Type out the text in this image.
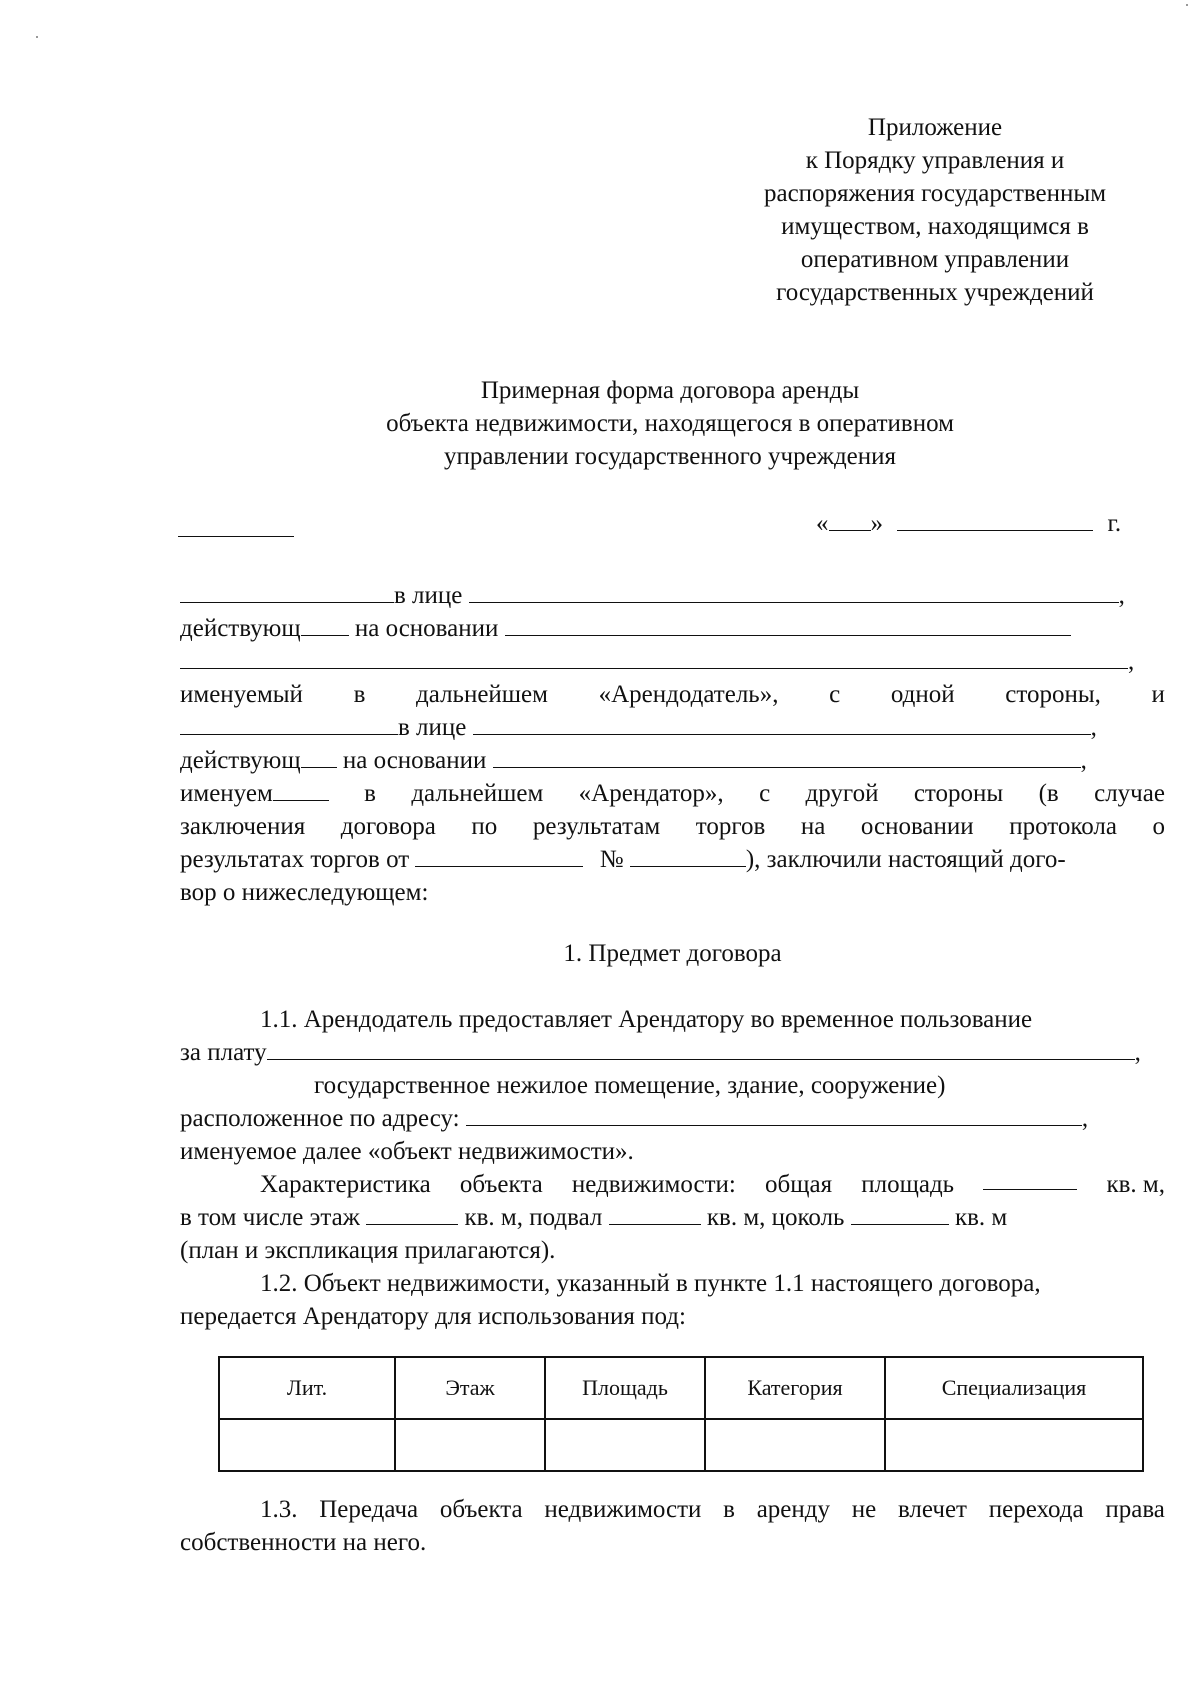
Приложение
к Порядку управления и
распоряжения государственным
имуществом, находящимся в
оперативном управлении
государственных учреждений
Примерная форма договора аренды
объекта недвижимости, находящегося в оперативном
управлении государственного учреждения
« »	г.
в лице	,
действующ на основании
,
именуемый в дальнейшем «Арендодатель», с одной стороны, и
в лице	,
действующ на основании	,
именуем	в дальнейшем «Арендатор», с другой стороны (в случае
заключения договора по результатам торгов на основании протокола о
результатах торгов от	№	), заключили настоящий дого-
вор о нижеследующем:
1. Предмет договора
1.1. Арендодатель предоставляет Арендатору во временное пользование
за плату	,
государственное нежилое помещение, здание, сооружение)
расположенное по адресу:	,
именуемое далее «объект недвижимости».
Характеристика объекта недвижимости: общая площадь	кв. м,
в том числе этаж	кв. м, подвал	кв. м, цоколь	кв. м
(план и экспликация прилагаются).
1.2. Объект недвижимости, указанный в пункте 1.1 настоящего договора,
передается Арендатору для использования под:
Лит.	Этаж	Площадь	Категория	Специализация

1.3. Передача объекта недвижимости в аренду не влечет перехода права
собственности на него.
